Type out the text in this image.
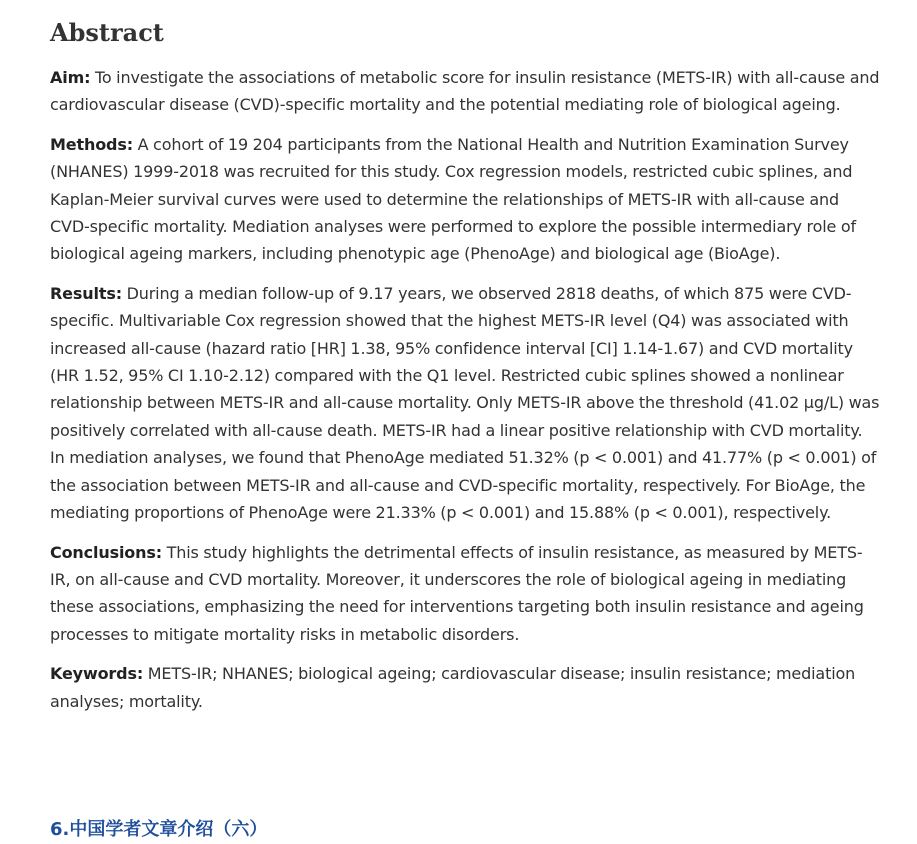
Abstract

Aim: To investigate the associations of metabolic score for insulin resistance (METS-IR) with all-cause and cardiovascular disease (CVD)-specific mortality and the potential mediating role of biological ageing.

Methods: A cohort of 19 204 participants from the National Health and Nutrition Examination Survey (NHANES) 1999-2018 was recruited for this study. Cox regression models, restricted cubic splines, and Kaplan-Meier survival curves were used to determine the relationships of METS-IR with all-cause and CVD-specific mortality. Mediation analyses were performed to explore the possible intermediary role of biological ageing markers, including phenotypic age (PhenoAge) and biological age (BioAge).

Results: During a median follow-up of 9.17 years, we observed 2818 deaths, of which 875 were CVD-specific. Multivariable Cox regression showed that the highest METS-IR level (Q4) was associated with increased all-cause (hazard ratio [HR] 1.38, 95% confidence interval [CI] 1.14-1.67) and CVD mortality (HR 1.52, 95% CI 1.10-2.12) compared with the Q1 level. Restricted cubic splines showed a nonlinear relationship between METS-IR and all-cause mortality. Only METS-IR above the threshold (41.02 μg/L) was positively correlated with all-cause death. METS-IR had a linear positive relationship with CVD mortality. In mediation analyses, we found that PhenoAge mediated 51.32% (p < 0.001) and 41.77% (p < 0.001) of the association between METS-IR and all-cause and CVD-specific mortality, respectively. For BioAge, the mediating proportions of PhenoAge were 21.33% (p < 0.001) and 15.88% (p < 0.001), respectively.

Conclusions: This study highlights the detrimental effects of insulin resistance, as measured by METS-IR, on all-cause and CVD mortality. Moreover, it underscores the role of biological ageing in mediating these associations, emphasizing the need for interventions targeting both insulin resistance and ageing processes to mitigate mortality risks in metabolic disorders.

Keywords: METS-IR; NHANES; biological ageing; cardiovascular disease; insulin resistance; mediation analyses; mortality.

6.中国学者文章介绍（六）
